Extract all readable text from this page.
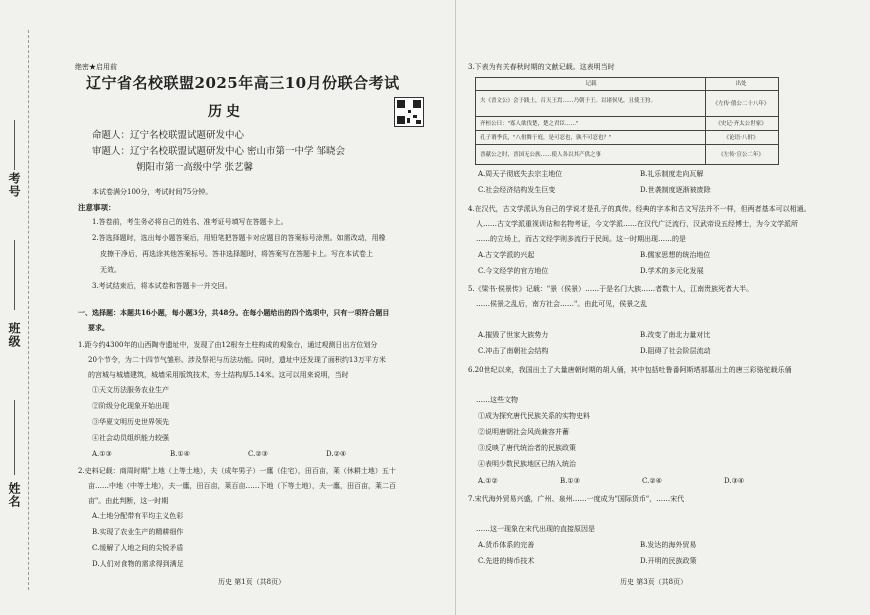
考号
班级
姓名
绝密★启用前
辽宁省名校联盟2025年高三10月份联合考试
历史
命题人：辽宁名校联盟试题研发中心
审题人：辽宁名校联盟试题研发中心 密山市第一中学 邹晓会
朝阳市第一高级中学 张艺馨
本试卷满分100分，考试时间75分钟。
注意事项：
1.答卷前，考生务必将自己的姓名、准考证号填写在答题卡上。
2.答选择题时，选出每小题答案后，用铅笔把答题卡对应题目的答案标号涂黑。如需改动，用橡
皮擦干净后，再选涂其他答案标号。答非选择题时，将答案写在答题卡上。写在本试卷上
无效。
3.考试结束后，将本试卷和答题卡一并交回。
一、选择题：本题共16小题，每小题3分，共48分。在每小题给出的四个选项中，只有一项符合题目
要求。
1.距今约4300年的山西陶寺遗址中，发现了由12根夯土柱构成的观象台，通过观测日出方位划分
20个节令，为二十四节气雏形。涉及祭祀与历法功能。同时，遗址中还发现了面积约13万平方米
的宫城与城墙建筑，城墙采用版筑技术，夯土结构厚5.14米。这可以用来说明，当时
①天文历法服务农业生产
②阶级分化现象开始出现
③华夏文明历史世界领先
④社会动员组织能力较强
A.①③	B.①④	C.②③	D.②④
2.史料记载：商周时期"上地（上等土地），夫（成年男子）一廛（住宅），田百亩，莱（休耕土地）五十
亩……中地（中等土地），夫一廛，田百亩，莱百亩……下地（下等土地），夫一廛，田百亩，莱二百
亩"。由此判断，这一时期
A.土地分配带有平均主义色彩
B.实现了农业生产的精耕细作
C.缓解了人地之间的尖锐矛盾
D.人们对食物的需求得到满足
历史 第1页（共8页）
3.下表为有关春秋时期的文献记载。这表明当时
记载	出处
夫《晋文公》会于践土，召天王焉……乃朝于王。以诸侯见，且使王狩。	《左传·僖公二十八年》
齐桓公曰："寡人欲伐楚，楚之君臣……"	《史记·齐太公世家》
孔子谓季氏，"八佾舞于庭，是可忍也，孰不可忍也？"	《论语·八佾》
晋献公之时，晋国无公族……使人各以其产供之事	《左传·宣公二年》
A.周天子彻底失去宗主地位	B.礼乐制度走向瓦解
C.社会经济结构发生巨变	D.世袭制度逐渐被废除
4.在汉代，古文学派认为自己的学说才是孔子的真传。经典的字本和古文写法并不一样，但两者基本可以相通。
人……古文学派重视训诂和名物考证，今文学派……在汉代广泛流行，汉武帝设五经博士，为今文学派所
……的立场上，而古文经学则多流行于民间。这一时期出现……的是
A.古文学派的兴起	B.儒家思想的统治地位
C.今文经学的官方地位	D.学术的多元化发展
5.《梁书·侯景传》记载："景（侯景）……于是名门大族……者数十人，江南贵族死者大半。
……侯景之乱后，南方社会……"。由此可见，侯景之乱
A.摧毁了世家大族势力	B.改变了南北力量对比
C.冲击了南朝社会结构	D.阻碍了社会阶层流动
6.20世纪以来，我国出土了大量唐朝时期的胡人俑，其中包括吐鲁番阿斯塔那墓出土的唐三彩骆驼载乐俑
……这些文物
①成为探究唐代民族关系的实物史料
②说明唐朝社会风尚兼容并蓄
③反映了唐代统治者的民族政策
④表明少数民族地区已纳入统治
A.①②	B.①③	C.②④	D.③④
7.宋代海外贸易兴盛，广州、泉州……一度成为"国际货币"，……宋代
……这一现象在宋代出现的直接原因是
A.货币体系的完善	B.发达的海外贸易
C.先进的铸币技术	D.开明的民族政策
历史 第3页（共8页）
